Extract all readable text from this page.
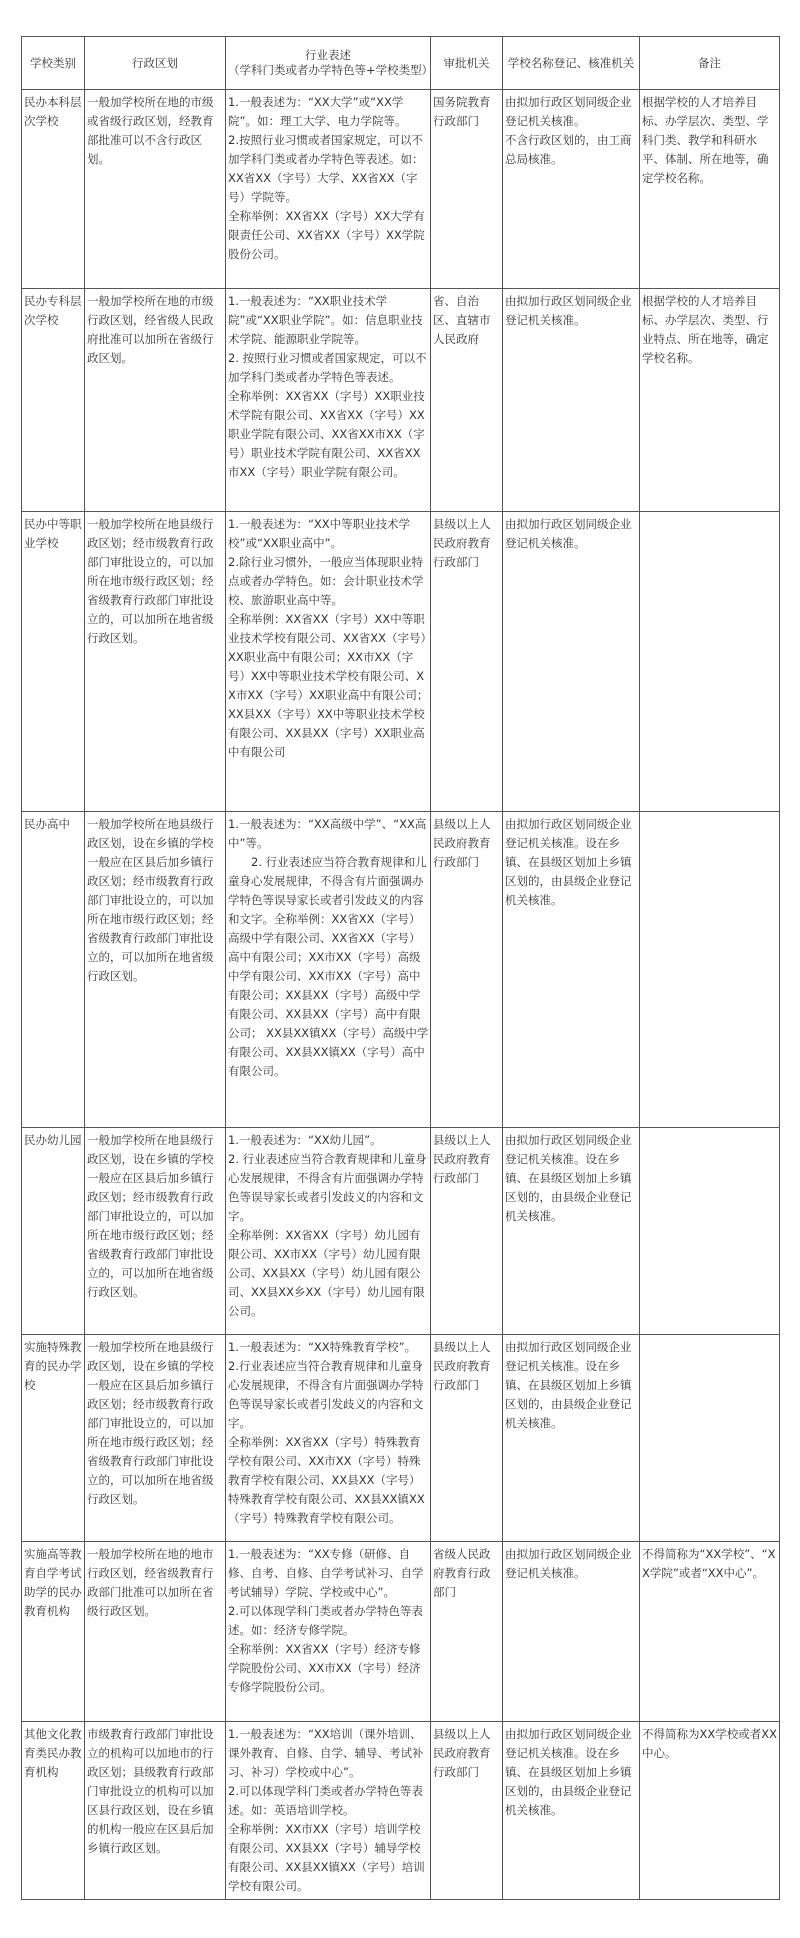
学校类别	行政区划	行业表述
（学科门类或者办学特色等+学校类型）	审批机关	学校名称登记、核准机关	备注
民办本科层次学校	一般加学校所在地的市级或省级行政区划，经教育部批准可以不含行政区划。	1.一般表述为：“XX大学”或“XX学院”。如：理工大学、电力学院等。
2.按照行业习惯或者国家规定，可以不加学科门类或者办学特色等表述。如：XX省XX（字号）大学、XX省XX（字号）学院等。
全称举例：XX省XX（字号）XX大学有限责任公司、XX省XX（字号）XX学院股份公司。	国务院教育行政部门	由拟加行政区划同级企业登记机关核准。
不含行政区划的，由工商总局核准。	根据学校的人才培养目标、办学层次、类型、学科门类、教学和科研水平、体制、所在地等，确定学校名称。
民办专科层次学校	一般加学校所在地的市级行政区划，经省级人民政府批准可以加所在省级行政区划。	1.一般表述为：“XX职业技术学院”或“XX职业学院”。如：信息职业技术学院、能源职业学院等。
2. 按照行业习惯或者国家规定，可以不加学科门类或者办学特色等表述。
全称举例：XX省XX（字号）XX职业技术学院有限公司、XX省XX（字号）XX职业学院有限公司、XX省XX市XX（字号）职业技术学院有限公司、XX省XX市XX（字号）职业学院有限公司。	省、自治区、直辖市人民政府	由拟加行政区划同级企业登记机关核准。	根据学校的人才培养目标、办学层次、类型、行业特点、所在地等，确定学校名称。
民办中等职业学校	一般加学校所在地县级行政区划；经市级教育行政部门审批设立的，可以加所在地市级行政区划；经省级教育行政部门审批设立的，可以加所在地省级行政区划。	1.一般表述为：“XX中等职业技术学校”或“XX职业高中”。
2.除行业习惯外，一般应当体现职业特点或者办学特色。如：会计职业技术学校、旅游职业高中等。
全称举例：XX省XX（字号）XX中等职业技术学校有限公司、XX省XX（字号）XX职业高中有限公司；XX市XX（字号）XX中等职业技术学校有限公司、XX市XX（字号）XX职业高中有限公司；XX县XX（字号）XX中等职业技术学校有限公司、XX县XX（字号）XX职业高中有限公司	县级以上人民政府教育行政部门	由拟加行政区划同级企业登记机关核准。	

民办高中	一般加学校所在地县级行政区划，设在乡镇的学校一般应在区县后加乡镇行政区划；经市级教育行政部门审批设立的，可以加所在地市级行政区划；经省级教育行政部门审批设立的，可以加所在地省级行政区划。	1.一般表述为：“XX高级中学”、“XX高中”等。
2. 行业表述应当符合教育规律和儿童身心发展规律，不得含有片面强调办学特色等误导家长或者引发歧义的内容和文字。全称举例：XX省XX（字号）高级中学有限公司、XX省XX（字号）高中有限公司；XX市XX（字号）高级中学有限公司、XX市XX（字号）高中有限公司；XX县XX（字号）高级中学有限公司、XX县XX（字号）高中有限公司； XX县XX镇XX（字号）高级中学有限公司、XX县XX镇XX（字号）高中有限公司。	县级以上人民政府教育行政部门	由拟加行政区划同级企业登记机关核准。设在乡镇、在县级区划加上乡镇区划的，由县级企业登记机关核准。	

民办幼儿园	一般加学校所在地县级行政区划，设在乡镇的学校一般应在区县后加乡镇行政区划；经市级教育行政部门审批设立的，可以加所在地市级行政区划；经省级教育行政部门审批设立的，可以加所在地省级行政区划。	1.一般表述为：“XX幼儿园”。
2. 行业表述应当符合教育规律和儿童身心发展规律，不得含有片面强调办学特色等误导家长或者引发歧义的内容和文字。
全称举例：XX省XX（字号）幼儿园有限公司、XX市XX（字号）幼儿园有限公司、XX县XX（字号）幼儿园有限公司、XX县XX乡XX（字号）幼儿园有限公司。	县级以上人民政府教育行政部门	由拟加行政区划同级企业登记机关核准。设在乡镇、在县级区划加上乡镇区划的，由县级企业登记机关核准。	

实施特殊教育的民办学校	一般加学校所在地县级行政区划，设在乡镇的学校一般应在区县后加乡镇行政区划；经市级教育行政部门审批设立的，可以加所在地市级行政区划；经省级教育行政部门审批设立的，可以加所在地省级行政区划。	1.一般表述为：“XX特殊教育学校”。
2.行业表述应当符合教育规律和儿童身心发展规律，不得含有片面强调办学特色等误导家长或者引发歧义的内容和文字。
全称举例：XX省XX（字号）特殊教育学校有限公司、XX市XX（字号）特殊教育学校有限公司、XX县XX（字号）特殊教育学校有限公司、XX县XX镇XX（字号）特殊教育学校有限公司。	县级以上人民政府教育行政部门	由拟加行政区划同级企业登记机关核准。设在乡镇、在县级区划加上乡镇区划的，由县级企业登记机关核准。	

实施高等教育自学考试助学的民办教育机构	一般加学校所在地的地市行政区划，经省级教育行政部门批准可以加所在省级行政区划。	1.一般表述为：“XX专修（研修、自修、自考、自修、自学考试补习、自学考试辅导）学院、学校或中心”。
2.可以体现学科门类或者办学特色等表述。如：经济专修学院。
全称举例：XX省XX（字号）经济专修学院股份公司、XX市XX（字号）经济专修学院股份公司。	省级人民政府教育行政部门	由拟加行政区划同级企业登记机关核准。	不得简称为“XX学校”、“XX学院”或者“XX中心”。
其他文化教育类民办教育机构	市级教育行政部门审批设立的机构可以加地市的行政区划；县级教育行政部门审批设立的机构可以加区县行政区划，设在乡镇的机构一般应在区县后加乡镇行政区划。	1.一般表述为：“XX培训（课外培训、课外教育、自修、自学、辅导、考试补习、补习）学校或中心”。
2.可以体现学科门类或者办学特色等表述。如：英语培训学校。
全称举例：XX市XX（字号）培训学校有限公司、XX县XX（字号）辅导学校有限公司、XX县XX镇XX（字号）培训学校有限公司。	县级以上人民政府教育行政部门	由拟加行政区划同级企业登记机关核准。设在乡镇、在县级区划加上乡镇区划的，由县级企业登记机关核准。	不得简称为XX学校或者XX中心。
